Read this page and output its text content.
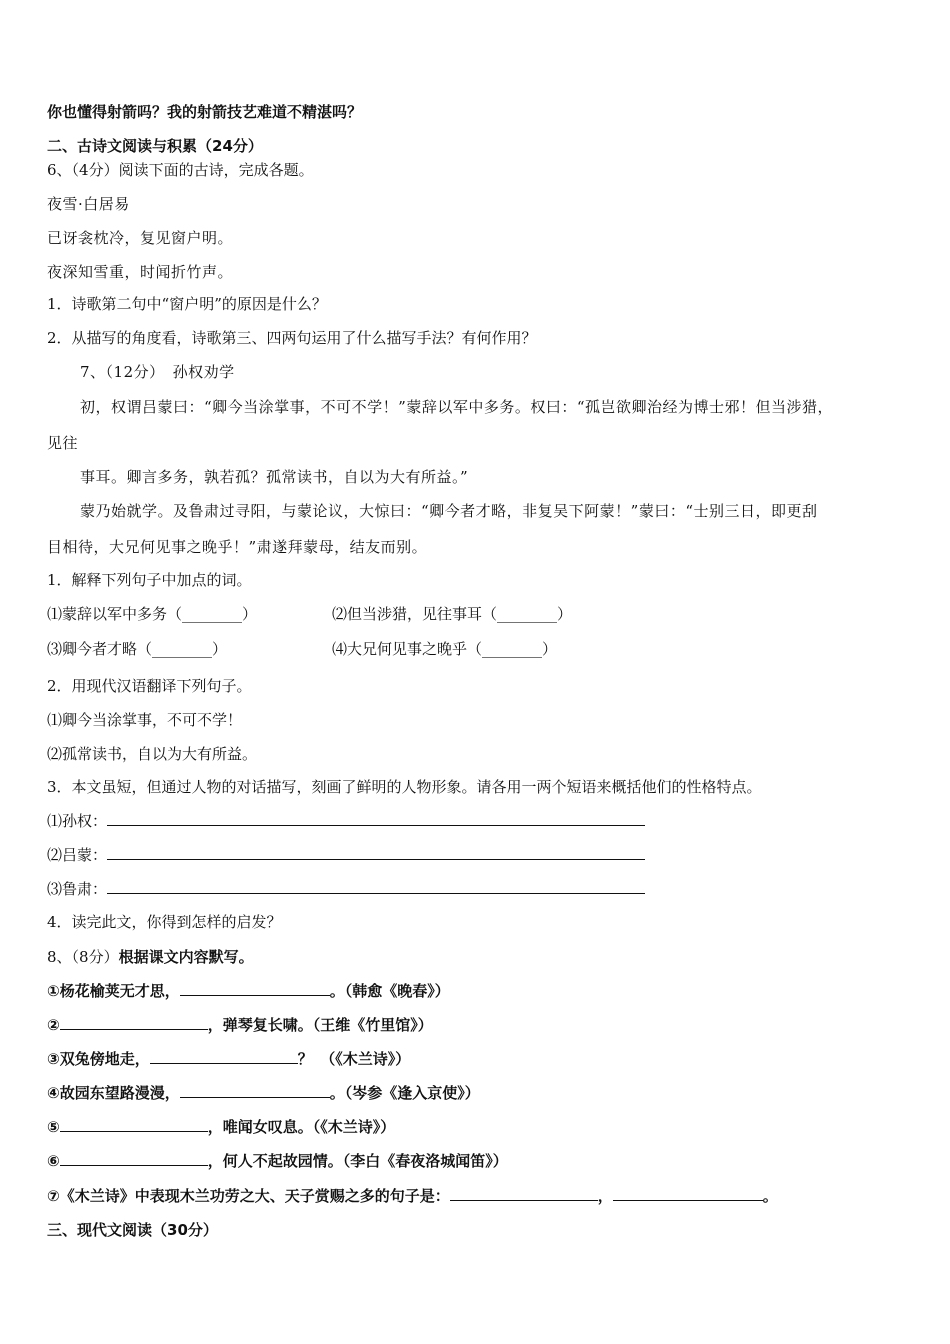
你也懂得射箭吗？我的射箭技艺难道不精湛吗？
二、古诗文阅读与积累（24分）
6、（4分）阅读下面的古诗，完成各题。
夜雪·白居易
已讶衾枕冷，复见窗户明。
夜深知雪重，时闻折竹声。
1．诗歌第二句中“窗户明”的原因是什么？
2．从描写的角度看，诗歌第三、四两句运用了什么描写手法？有何作用？
7、（12分）　孙权劝学
初，权谓吕蒙曰：“卿今当涂掌事，不可不学！”蒙辞以军中多务。权曰：“孤岂欲卿治经为博士邪！但当涉猎，
见往
事耳。卿言多务，孰若孤？孤常读书，自以为大有所益。”
蒙乃始就学。及鲁肃过寻阳，与蒙论议，大惊曰：“卿今者才略，非复吴下阿蒙！”蒙曰：“士别三日，即更刮
目相待，大兄何见事之晚乎！”肃遂拜蒙母，结友而别。
1．解释下列句子中加点的词。
⑴蒙辞以军中多务（________）	⑵但当涉猎，见往事耳（________）
⑶卿今者才略（________）	⑷大兄何见事之晚乎（________）
2．用现代汉语翻译下列句子。
⑴卿今当涂掌事，不可不学！
⑵孤常读书，自以为大有所益。
3．本文虽短，但通过人物的对话描写，刻画了鲜明的人物形象。请各用一两个短语来概括他们的性格特点。
⑴孙权：
⑵吕蒙：
⑶鲁肃：
4．读完此文，你得到怎样的启发？
8、（8分）根据课文内容默写。
①杨花榆荚无才思，	。（韩愈《晚春》）
②	，弹琴复长啸。（王维《竹里馆》）
③双兔傍地走，	？　（《木兰诗》）
④故园东望路漫漫，	。（岑参《逢入京使》）
⑤	，唯闻女叹息。（《木兰诗》）
⑥	，何人不起故园情。（李白《春夜洛城闻笛》）
⑦《木兰诗》中表现木兰功劳之大、天子赏赐之多的句子是：	，	。
三、现代文阅读（30分）
